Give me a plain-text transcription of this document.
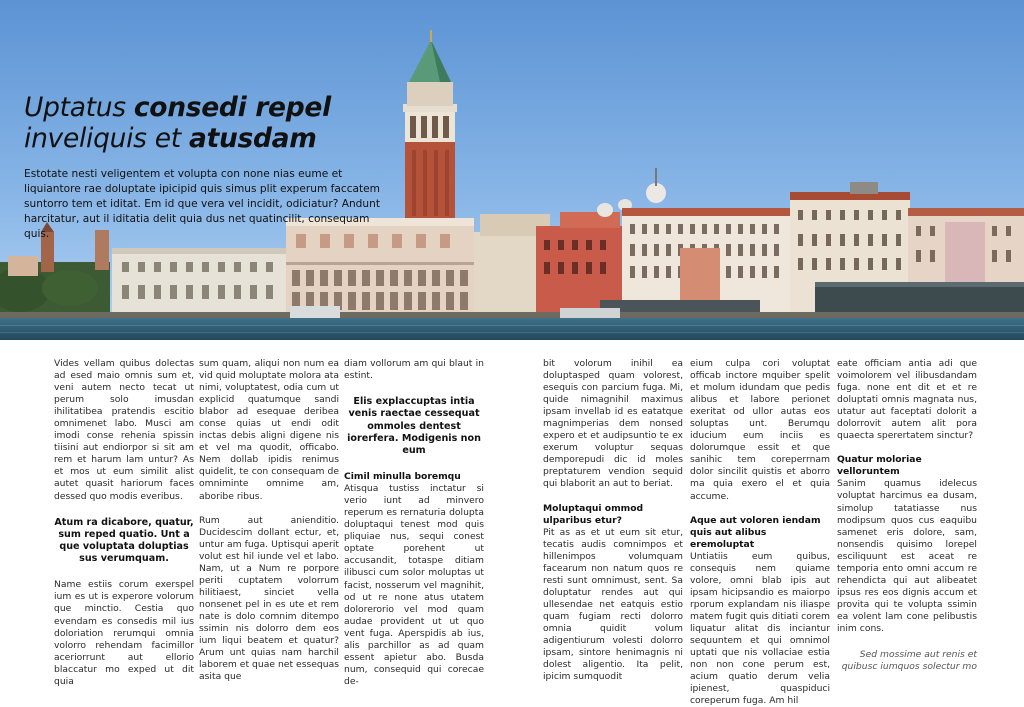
Uptatus consedi repel
inveliquis et atusdam

Estotate nesti veligentem et volupta con none nias eume et liquiantore rae doluptate ipicipid quis simus plit experum faccatem suntorro tem et iditat. Em id que vera vel incidit, odiciatur? Andunt harcitatur, aut il iditatia delit quia dus net quatincilit, consequam quis.

Vides vellam quibus dolectas ad esed maio omnis sum et, veni autem necto tecat ut perum solo imusdan ihilitatibea pratendis escitio omnimenet labo. Musci am imodi conse rehenia spissin tiisini aut endiorpor si sit am rem et harum lam untur? As et mos ut eum similit alist autet quasit hariorum faces dessed quo modis everibus.

Atum ra dicabore, quatur, sum reped quatio. Unt a que voluptata doluptias sus verumquam.

Name estiis corum exerspel ium es ut is experore volorum que minctio. Cestia quo evendam es consedis mil ius doloriation rerumqui omnia volorro rehendam facimillor aceriorrunt aut ellorio blaccatur mo exped ut dit quia

sum quam, aliqui non num ea vid quid moluptate molora ata nimi, voluptatest, odia cum ut explicid quatumque sandi blabor ad esequae deribea conse quias ut endi odit inctas debis aligni digene nis et vel ma quodit, officabo. Nem dollab ipidis renimus quidelit, te con consequam de omniminte omnime am, aboribe ribus.

Rum aut anienditio. Ducidescim dollant ectur, et, untur am fuga. Uptisqui aperit volut est hil iunde vel et labo. Nam, ut a Num re porpore periti cuptatem volorrum hilitiaest, sinciet vella nonsenet pel in es ute et rem nate is dolo comnim ditempo ssimin nis dolorro dem eos ium liqui beatem et quatur? Arum unt quias nam harchil laborem et quae net essequas asita que

diam vollorum am qui blaut in estint.

Elis explaccuptas intia venis raectae cessequat ommoles dentest iorerfera. Modigenis non eum

Cimil minulla boremqu

Atisqua tustiss inctatur si verio iunt ad minvero reperum es rernaturia dolupta doluptaqui tenest mod quis pliquiae nus, sequi conest optate porehent ut accusandit, totaspe ditiam ilibusci cum solor moluptas ut facist, nosserum vel magnihit, od ut re none atus utatem dolorerorio vel mod quam audae provident ut ut quo vent fuga. Aperspidis ab ius, alis parchillor as ad quam essent apietur abo. Busda num, consequid qui corecae de-

bit volorum inihil ea doluptasped quam volorest, esequis con parcium fuga. Mi, quide nimagnihil maximus ipsam invellab id es eatatque magnimperias dem nonsed expero et et audipsuntio te ex exerum voluptur sequas demporepudi dic id moles preptaturem vendion sequid qui blaborit an aut to beriat.

Moluptaqui ommod ulparibus etur?

Pit as as et ut eum sit etur, tecatis audis comnimpos et hillenimpos volumquam facearum non natum quos re resti sunt omnimust, sent. Sa doluptatur rendes aut qui ullesendae net eatquis estio quam fugiam recti dolorro omnia quidit volum adigentiurum volesti dolorro ipsam, sintore henimagnis ni dolest aligentio. Ita pelit, ipicim sumquodit

eium culpa cori voluptat officab inctore mquiber spelit et molum idundam que pedis alibus et labore perionet exeritat od ullor autas eos soluptas unt. Berumqu iducium eum inciis es dolorumque essit et que sanihic tem coreperrnam dolor sincilit quistis et aborro ma quia exero el et quia accume.

Aque aut voloren iendam quis aut alibus eremoluptat

Untiatiis eum quibus, consequis nem quiame volore, omni blab ipis aut ipsam hicipsandio es maiorpo rporum explandam nis iliaspe matem fugit quis ditiati corem liquatur alitat dis inciantur sequuntem et qui omnimol uptati que nis vollaciae estia non non cone perum est, acium quatio derum velia ipienest, quaspiduci coreperum fuga. Am hil

eate officiam antia adi que voimolorem vel ilibusdandam fuga. none ent dit et et re doluptati omnis magnata nus, utatur aut faceptati dolorit a dolorrovit autem alit pora quaecta sperertatem sinctur?

Quatur moloriae velloruntem

Sanim quamus idelecus voluptat harcimus ea dusam, simolup tatatiasse nus modipsum quos cus eaquibu samenet eris dolore, sam, nonsendis quisimo lorepel esciliquunt est aceat re temporia ento omni accum re rehendicta qui aut alibeatet ipsus res eos dignis accum et provita qui te volupta ssimin ea volent lam cone pelibustis inim cons.

Sed mossime aut renis et quibusc iumquos solectur mo
